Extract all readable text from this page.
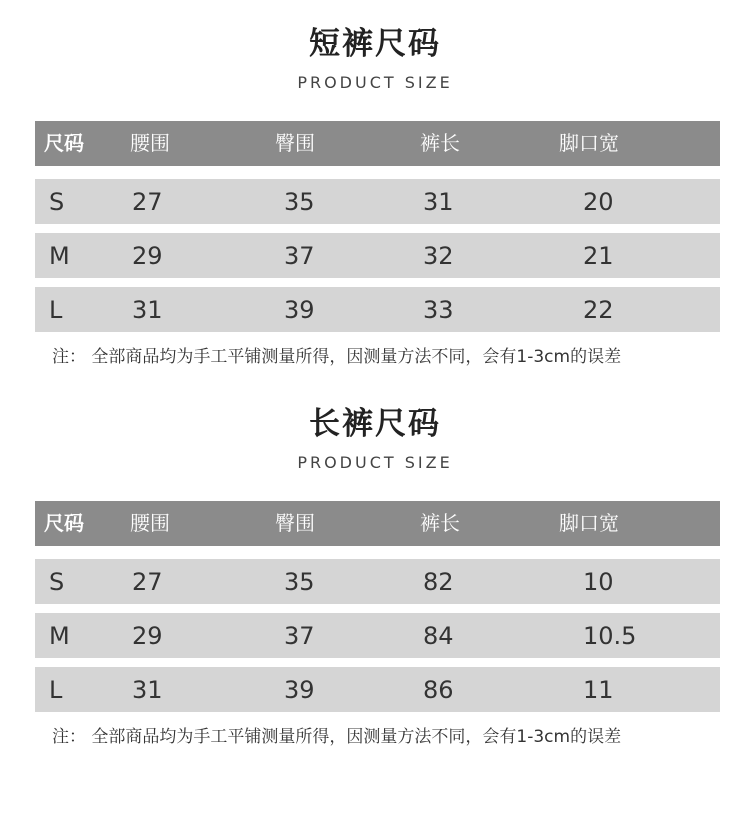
短裤尺码
PRODUCT SIZE
尺码 腰围	臀围	裤长	脚口宽
S	27	35	31	20
M	29	37	32	21
L	31	39	33	22
注： 全部商品均为手工平铺测量所得，因测量方法不同，会有1-3cm的误差
长裤尺码
PRODUCT SIZE
尺码 腰围	臀围	裤长	脚口宽
S	27	35	82	10
M	29	37	84	10.5
L	31	39	86	11
注： 全部商品均为手工平铺测量所得，因测量方法不同，会有1-3cm的误差
